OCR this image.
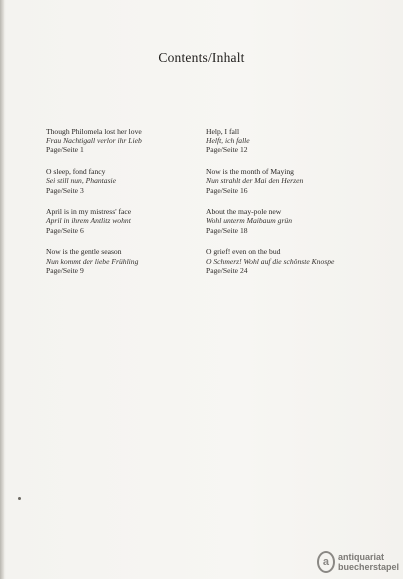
Contents/Inhalt
Though Philomela lost her love
Frau Nachtigall verlor ihr Lieb
Page/Seite 1
O sleep, fond fancy
Sei still nun, Phantasie
Page/Seite 3
April is in my mistress' face
April in ihrem Antlitz wohnt
Page/Seite 6
Now is the gentle season
Nun kommt der liebe Frühling
Page/Seite 9
Help, I fall
Helft, ich falle
Page/Seite 12
Now is the month of Maying
Nun strahlt der Mai den Herzen
Page/Seite 16
About the may-pole new
Wohl unterm Maibaum grün
Page/Seite 18
O grief! even on the bud
O Schmerz! Wohl auf die schönste Knospe
Page/Seite 24
a antiquariat
buecherstapel
